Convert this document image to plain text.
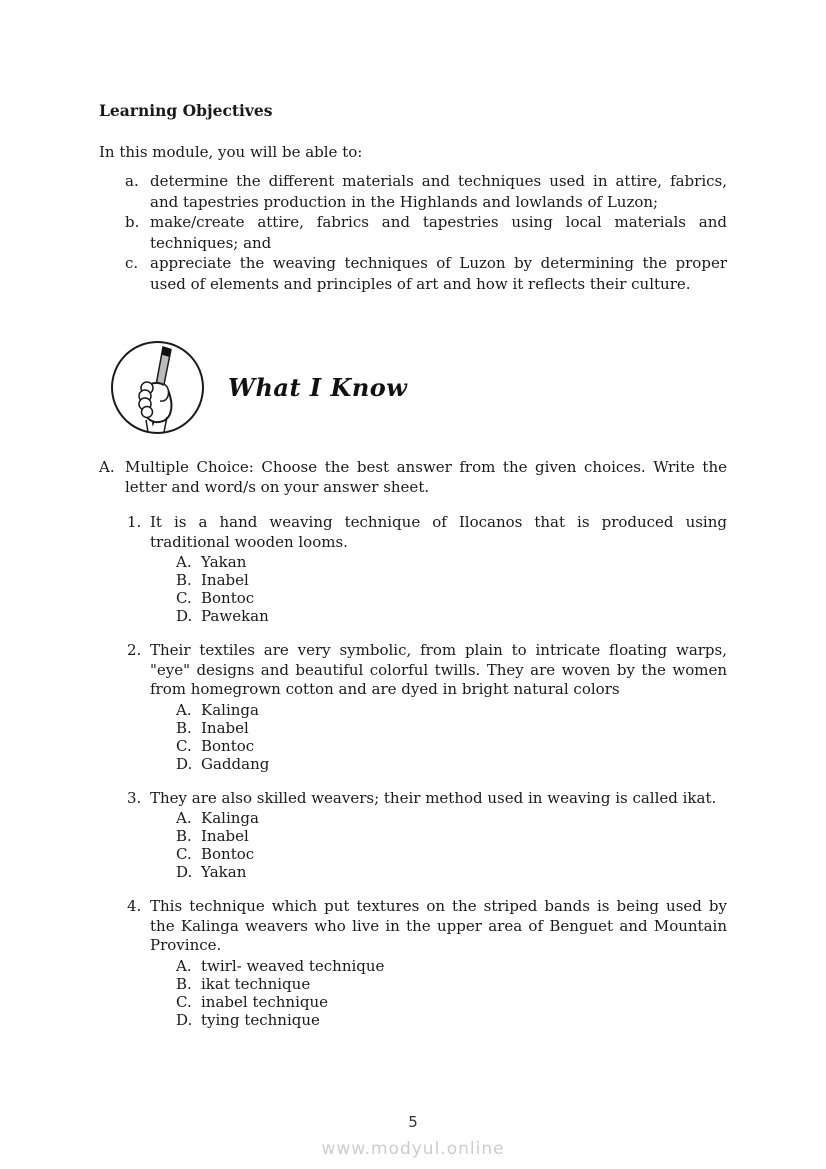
Learning Objectives
In this module, you will be able to:
a. determine the different materials and techniques used in attire, fabrics, and tapestries production in the Highlands and lowlands of Luzon;
b. make/create attire, fabrics and tapestries using local materials and techniques; and
c. appreciate the weaving techniques of Luzon by determining the proper used of elements and principles of art and how it reflects their culture.
What I Know
A. Multiple Choice: Choose the best answer from the given choices. Write the letter and word/s on your answer sheet.
1. It is a hand weaving technique of Ilocanos that is produced using traditional wooden looms.
A. Yakan
B. Inabel
C. Bontoc
D. Pawekan
2. Their textiles are very symbolic, from plain to intricate floating warps, "eye" designs and beautiful colorful twills. They are woven by the women from homegrown cotton and are dyed in bright natural colors
A. Kalinga
B. Inabel
C. Bontoc
D. Gaddang
3. They are also skilled weavers; their method used in weaving is called ikat.
A. Kalinga
B. Inabel
C. Bontoc
D. Yakan
4. This technique which put textures on the striped bands is being used by the Kalinga weavers who live in the upper area of Benguet and Mountain Province.
A. twirl- weaved technique
B. ikat technique
C. inabel technique
D. tying technique
5
www.modyul.online
